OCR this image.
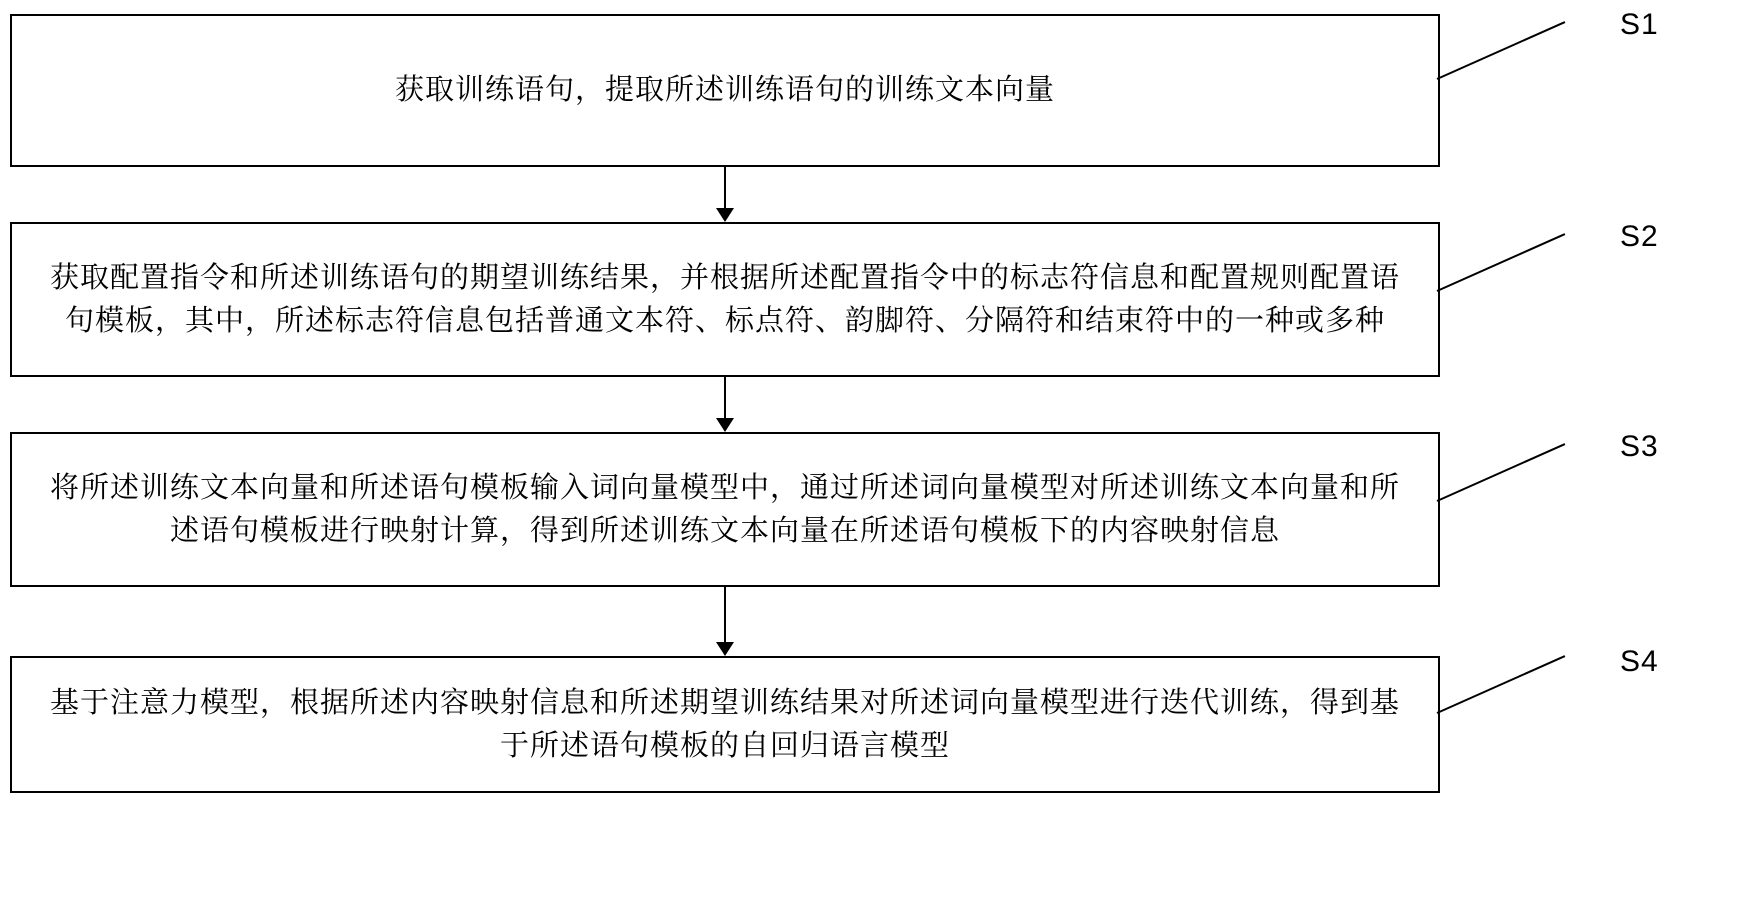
获取训练语句，提取所述训练语句的训练文本向量
S1
获取配置指令和所述训练语句的期望训练结果，并根据所述配置指令中的标志符信息和配置规则配置语句模板，其中，所述标志符信息包括普通文本符、标点符、韵脚符、分隔符和结束符中的一种或多种
S2
将所述训练文本向量和所述语句模板输入词向量模型中，通过所述词向量模型对所述训练文本向量和所述语句模板进行映射计算，得到所述训练文本向量在所述语句模板下的内容映射信息
S3
基于注意力模型，根据所述内容映射信息和所述期望训练结果对所述词向量模型进行迭代训练，得到基于所述语句模板的自回归语言模型
S4
